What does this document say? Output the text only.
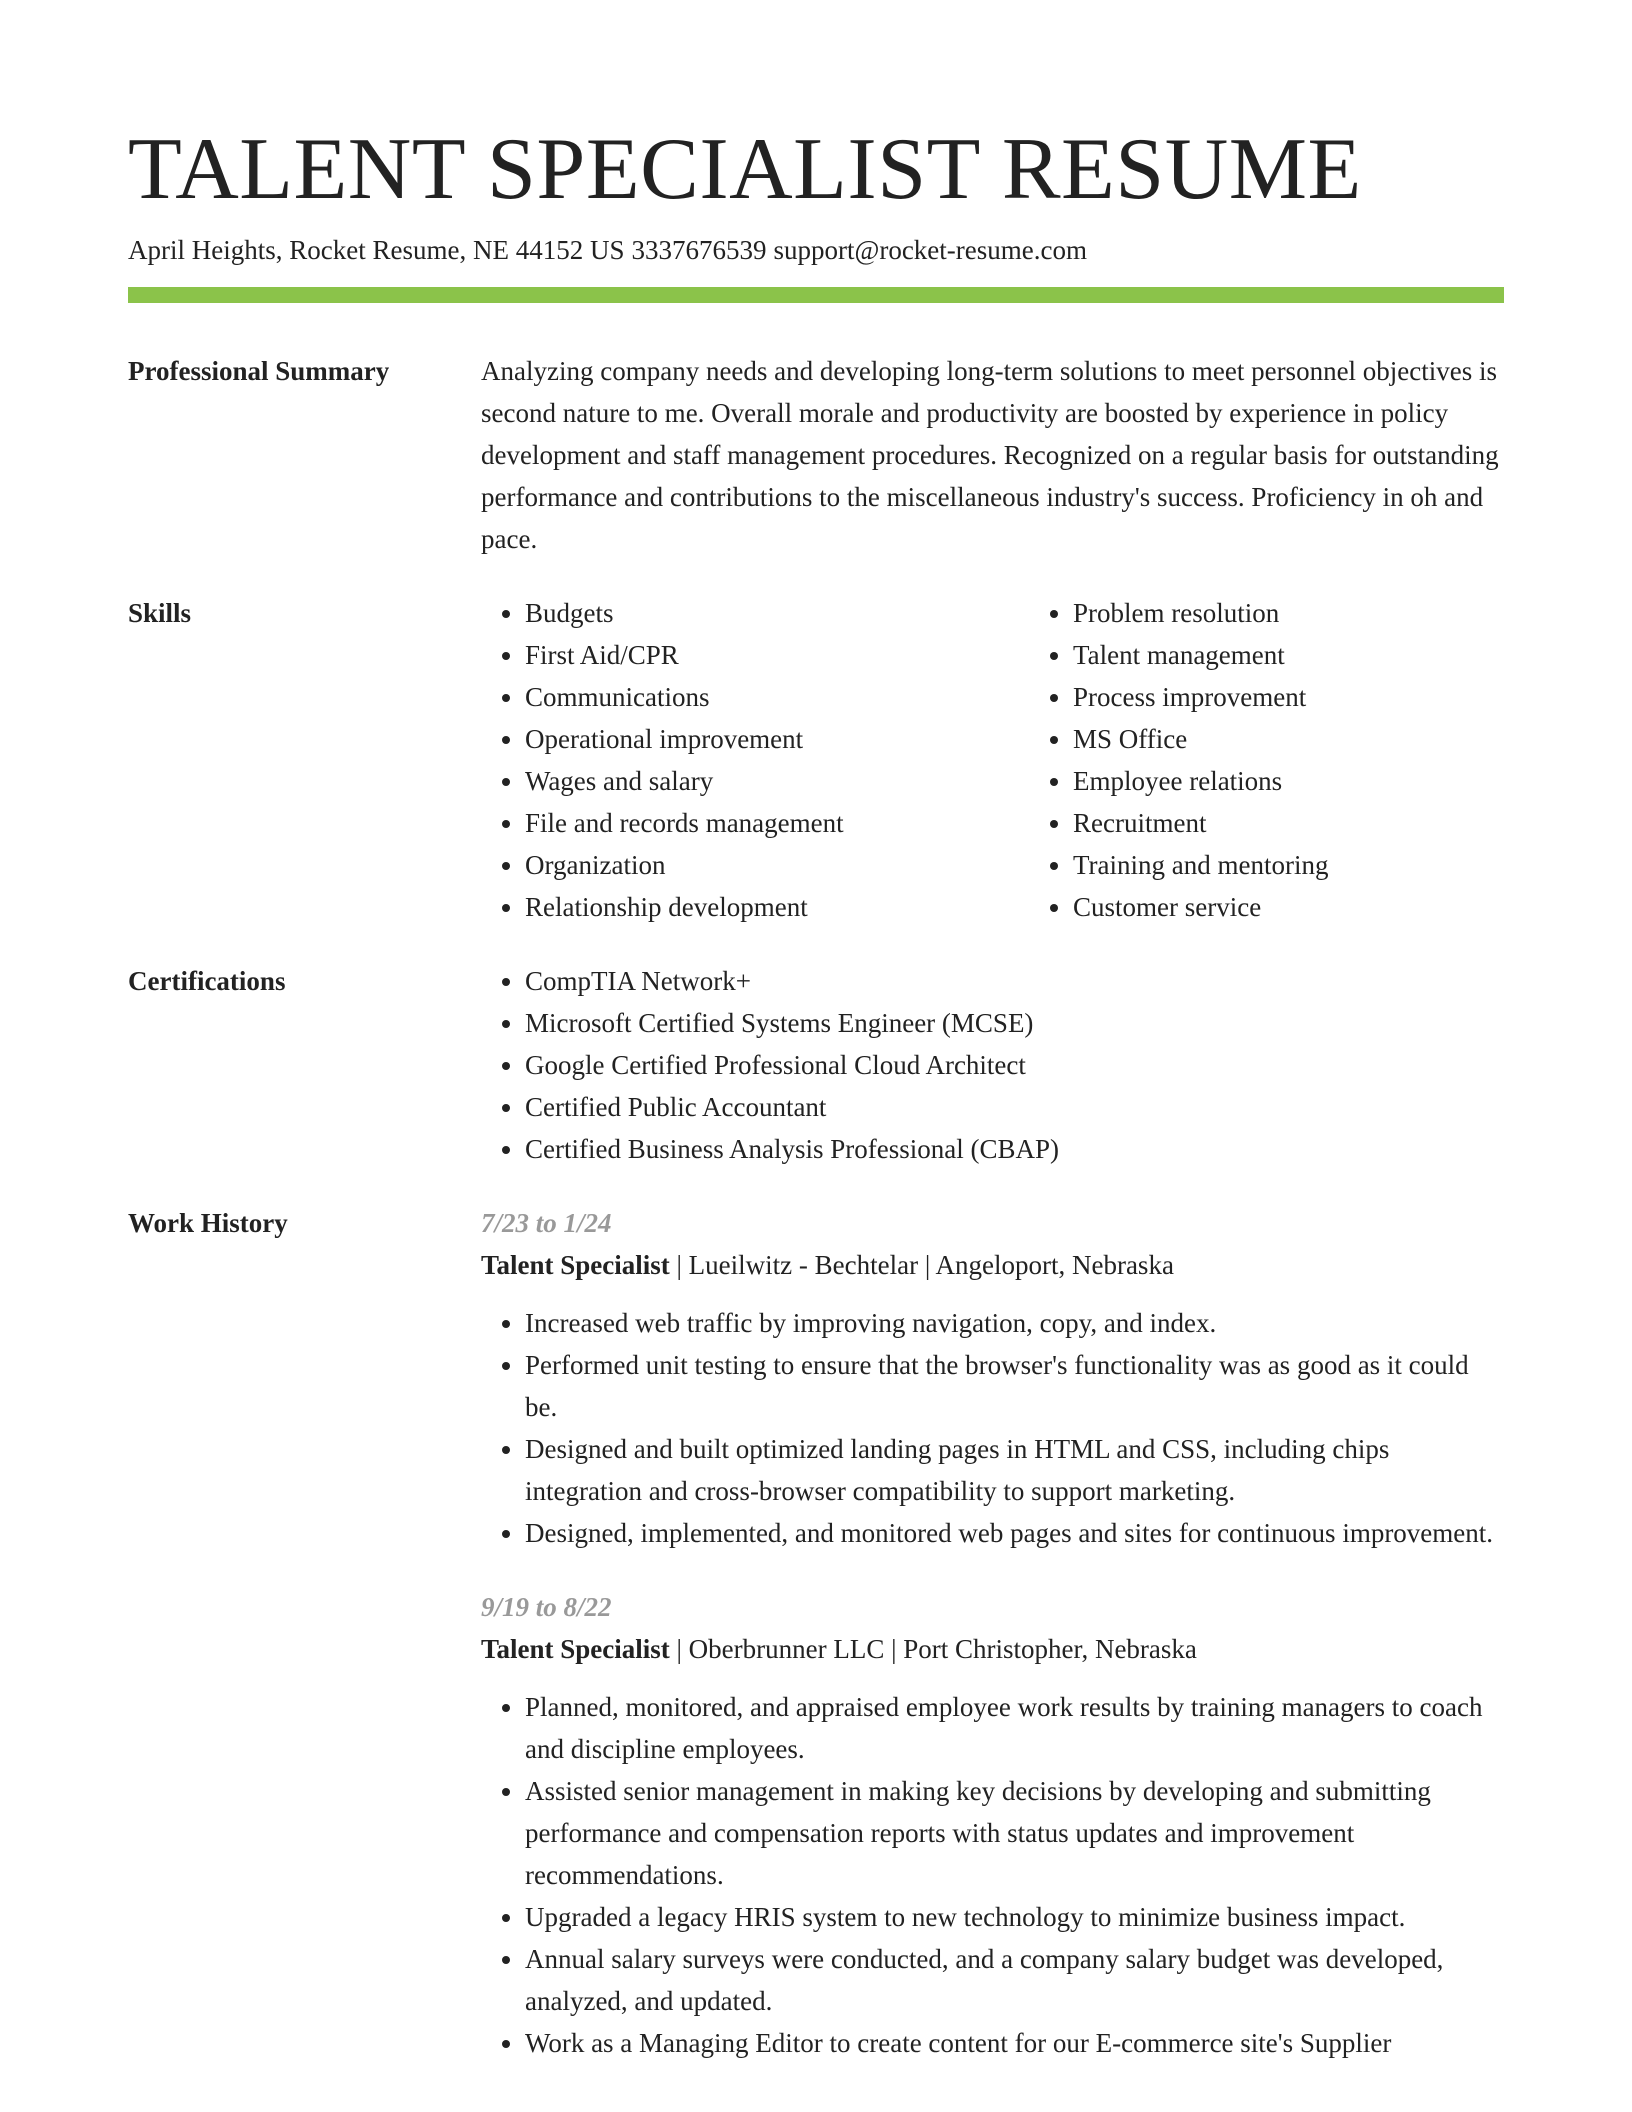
TALENT SPECIALIST RESUME
April Heights, Rocket Resume, NE 44152 US 3337676539 support@rocket-resume.com
Professional Summary	Analyzing company needs and developing long-term solutions to meet personnel objectives is second nature to me. Overall morale and productivity are boosted by experience in policy development and staff management procedures. Recognized on a regular basis for outstanding performance and contributions to the miscellaneous industry's success. Proficiency in oh and pace.
Skills	• Budgets
• First Aid/CPR
• Communications
• Operational improvement
• Wages and salary
• File and records management
• Organization
• Relationship development
• Problem resolution
• Talent management
• Process improvement
• MS Office
• Employee relations
• Recruitment
• Training and mentoring
• Customer service
Certifications	• CompTIA Network+
• Microsoft Certified Systems Engineer (MCSE)
• Google Certified Professional Cloud Architect
• Certified Public Accountant
• Certified Business Analysis Professional (CBAP)
Work History	7/23 to 1/24
Talent Specialist | Lueilwitz - Bechtelar | Angeloport, Nebraska
• Increased web traffic by improving navigation, copy, and index.
• Performed unit testing to ensure that the browser's functionality was as good as it could be.
• Designed and built optimized landing pages in HTML and CSS, including chips integration and cross-browser compatibility to support marketing.
• Designed, implemented, and monitored web pages and sites for continuous improvement.
9/19 to 8/22
Talent Specialist | Oberbrunner LLC | Port Christopher, Nebraska
• Planned, monitored, and appraised employee work results by training managers to coach and discipline employees.
• Assisted senior management in making key decisions by developing and submitting performance and compensation reports with status updates and improvement recommendations.
• Upgraded a legacy HRIS system to new technology to minimize business impact.
• Annual salary surveys were conducted, and a company salary budget was developed, analyzed, and updated.
• Work as a Managing Editor to create content for our E-commerce site's Supplier
